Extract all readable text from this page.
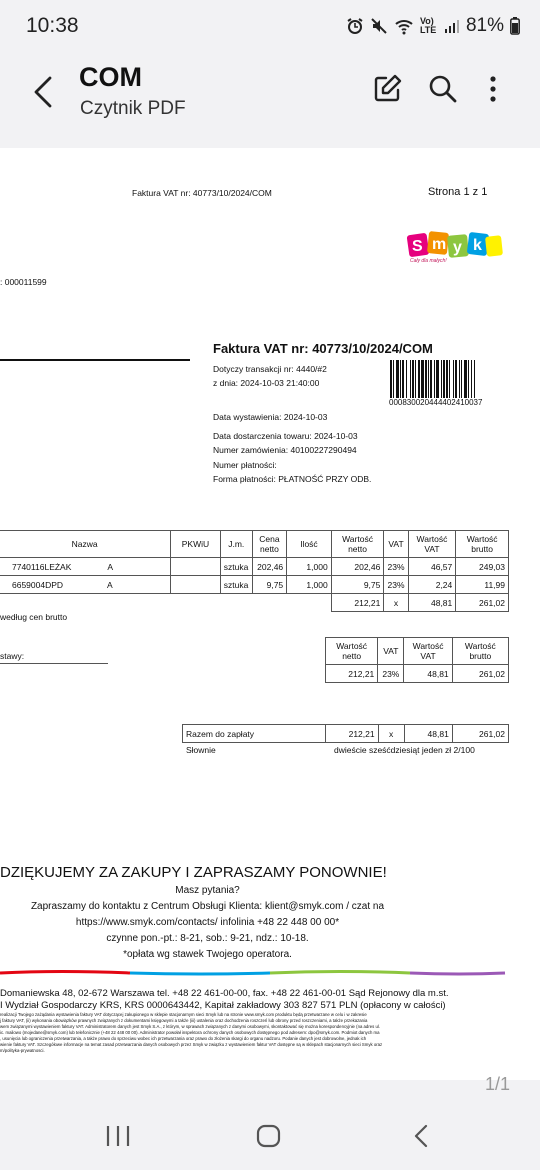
10:38	Vo) LTE 81%
COM
Czytnik PDF
Faktura VAT nr: 40773/10/2024/COM	Strona 1 z 1
S m y k
Cały dla małych!
: 000011599
Faktura VAT nr: 40773/10/2024/COM
Dotyczy transakcji nr: 4440/#2
z dnia: 2024-10-03 21:40:00
000830020444402410037
Data wystawienia: 2024-10-03
Data dostarczenia towaru: 2024-10-03
Numer zamówienia: 40100227290494
Numer płatności:
Forma płatności: PŁATNOŚĆ PRZY ODB.
Nazwa	PKWiU	J.m.	Cena netto	Ilość	Wartość netto	VAT	Wartość VAT	Wartość brutto
7740116LEŻAK A		sztuka	202,46	1,000	202,46	23%	46,57	249,03
6659004DPD A		sztuka	9,75	1,000	9,75	23%	2,24	11,99
					212,21	x	48,81	261,02
według cen brutto
stawy:
Wartość netto	VAT	Wartość VAT	Wartość brutto
212,21	23%	48,81	261,02
Razem do zapłaty	212,21	x	48,81	261,02
Słownie	dwieście sześćdziesiąt jeden zł 2/100
DZIĘKUJEMY ZA ZAKUPY I ZAPRASZAMY PONOWNIE!
Masz pytania?
Zapraszamy do kontaktu z Centrum Obsługi Klienta: klient@smyk.com / czat na
https://www.smyk.com/contacts/ infolinia +48 22 448 00 00*
czynne pon.-pt.: 8-21, sob.: 9-21, ndz.: 10-18.
*opłata wg stawek Twojego operatora.
Domaniewska 48, 02-672 Warszawa tel. +48 22 461-00-00, fax. +48 22 461-00-01 Sąd Rejonowy dla m.st.
I Wydział Gospodarczy KRS, KRS 0000643442, Kapitał zakładowy 303 827 571 PLN (opłacony w całości)
realizacji Twojego zażądania wystawienia faktury VAT dotyczącej zakupionego w sklepie stacjonarnym sieci Smyk lub na stronie www.smyk.com produktu będą przetwarzane w celu i w zakresie
j faktury VAT, (ii) wykonania obowiązków prawnych związanych z dokumentami księgowymi a także (iii) ustalenia oraz dochodzenia roszczeń lub obrony przed roszczeniami, a także przekazania
wem związanymi wystawieniem faktury VAT. Administratorem danych jest Smyk S.A., z którym, w sprawach związanych z danymi osobowymi, skontaktować się można korespondencyjnie (na adres ul.
ic. mailowo (mojedane@smyk.com) lub telefonicznie (+48 22 448 00 00). Administrator powołał inspektora ochrony danych osobowych dostępnego pod adresem: dpo@smyk.com. Podmiot danych ma
, usunięcia lub ograniczenia przetwarzania, a także prawo do sprzeciwu wobec ich przetwarzania oraz prawo do złożenia skargi do organu nadzoru. Podanie danych jest dobrowolne, jednak ich
wienie faktury VAT. Szczegółowe informacje na temat zasad przetwarzania danych osobowych przez Smyk w związku z wystawieniem faktur VAT dostępne są w sklepach stacjonarnych sieci Smyk oraz
m/polityka-prywatnosci.
1/1
